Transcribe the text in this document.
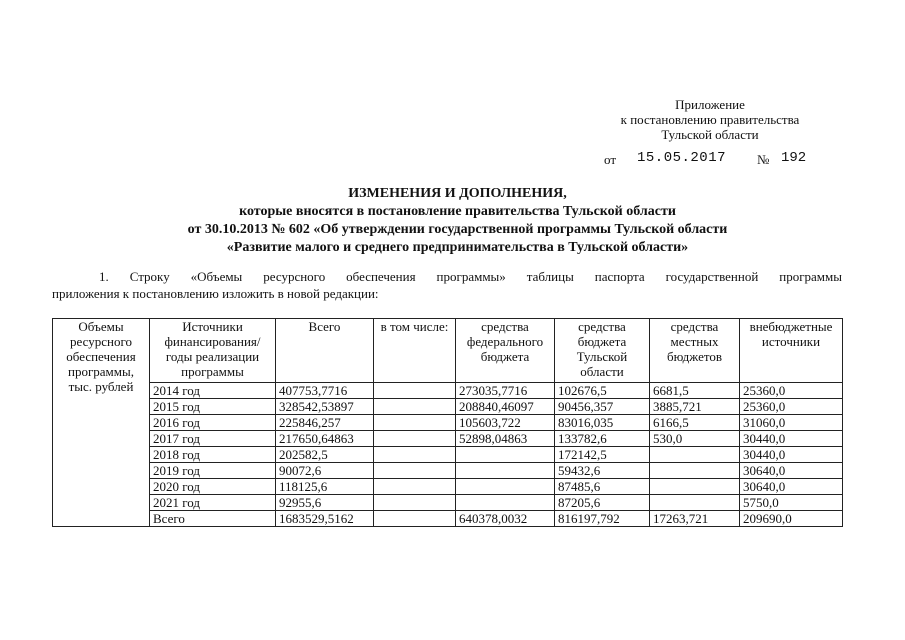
Приложение
к постановлению правительства
Тульской области
от 15.05.2017 № 192
ИЗМЕНЕНИЯ И ДОПОЛНЕНИЯ,
которые вносятся в постановление правительства Тульской области
от 30.10.2013 № 602 «Об утверждении государственной программы Тульской области
«Развитие малого и среднего предпринимательства в Тульской области»
1. Строку «Объемы ресурсного обеспечения программы» таблицы паспорта государственной программы
приложения к постановлению изложить в новой редакции:
Объемы ресурсного обеспечения программы, тыс. рублей	Источники финансирования/ годы реализации программы	Всего	в том числе:	средства федерального бюджета	средства бюджета Тульской области	средства местных бюджетов	внебюджетные источники
	2014 год	407753,7716		273035,7716	102676,5	6681,5	25360,0
	2015 год	328542,53897		208840,46097	90456,357	3885,721	25360,0
	2016 год	225846,257		105603,722	83016,035	6166,5	31060,0
	2017 год	217650,64863		52898,04863	133782,6	530,0	30440,0
	2018 год	202582,5			172142,5		30440,0
	2019 год	90072,6			59432,6		30640,0
	2020 год	118125,6			87485,6		30640,0
	2021 год	92955,6			87205,6		5750,0
	Всего	1683529,5162		640378,0032	816197,792	17263,721	209690,0
